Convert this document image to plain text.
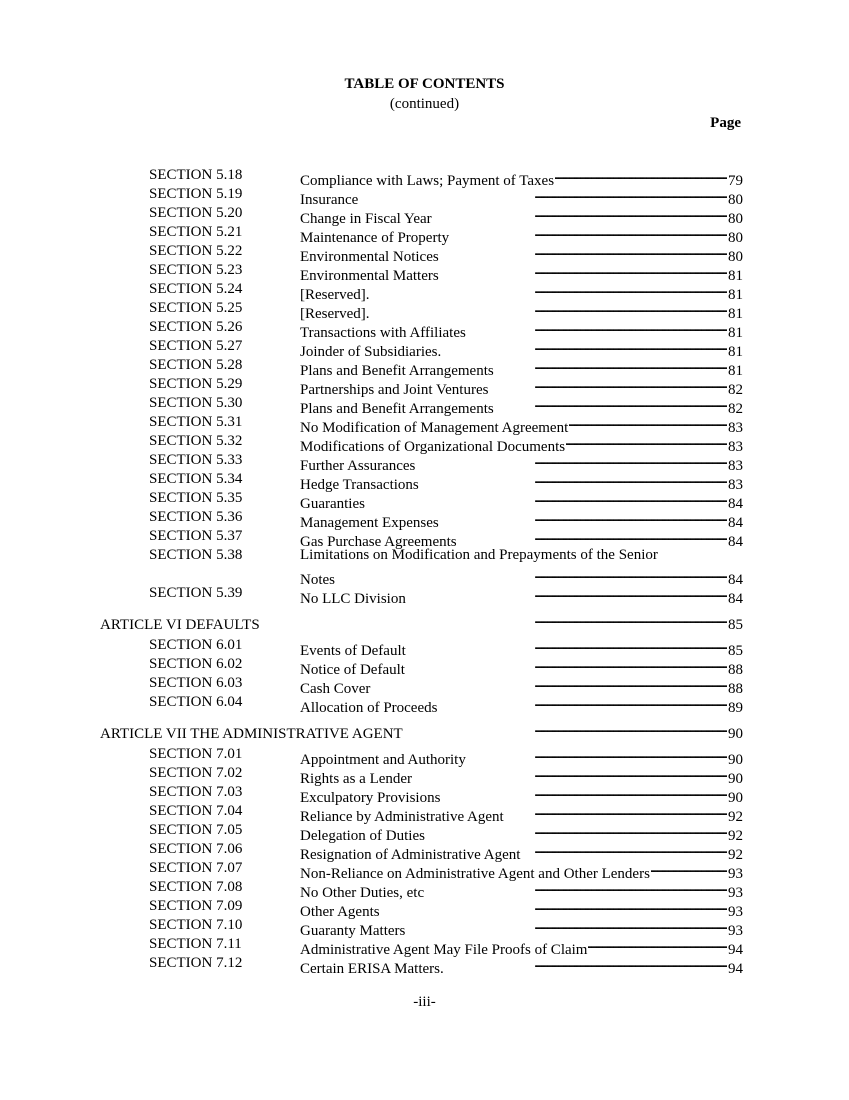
TABLE OF CONTENTS
(continued)
Page
SECTION 5.18	Compliance with Laws; Payment of Taxes . . .	79
SECTION 5.19	Insurance . . .	80
SECTION 5.20	Change in Fiscal Year . . .	80
SECTION 5.21	Maintenance of Property . . .	80
SECTION 5.22	Environmental Notices . . .	80
SECTION 5.23	Environmental Matters . . .	81
SECTION 5.24	[Reserved]. . . .	81
SECTION 5.25	[Reserved]. . . .	81
SECTION 5.26	Transactions with Affiliates . . .	81
SECTION 5.27	Joinder of Subsidiaries. . . .	81
SECTION 5.28	Plans and Benefit Arrangements . . .	81
SECTION 5.29	Partnerships and Joint Ventures . . .	82
SECTION 5.30	Plans and Benefit Arrangements . . .	82
SECTION 5.31	No Modification of Management Agreement . . .	83
SECTION 5.32	Modifications of Organizational Documents . . .	83
SECTION 5.33	Further Assurances . . .	83
SECTION 5.34	Hedge Transactions . . .	83
SECTION 5.35	Guaranties . . .	84
SECTION 5.36	Management Expenses . . .	84
SECTION 5.37	Gas Purchase Agreements . . .	84
SECTION 5.38	Limitations on Modification and Prepayments of the Senior
Notes . . .	84
SECTION 5.39	No LLC Division . . .	84
ARTICLE VI DEFAULTS . . .	85
SECTION 6.01	Events of Default . . .	85
SECTION 6.02	Notice of Default . . .	88
SECTION 6.03	Cash Cover . . .	88
SECTION 6.04	Allocation of Proceeds . . .	89
ARTICLE VII THE ADMINISTRATIVE AGENT . . .	90
SECTION 7.01	Appointment and Authority . . .	90
SECTION 7.02	Rights as a Lender . . .	90
SECTION 7.03	Exculpatory Provisions . . .	90
SECTION 7.04	Reliance by Administrative Agent . . .	92
SECTION 7.05	Delegation of Duties . . .	92
SECTION 7.06	Resignation of Administrative Agent . . .	92
SECTION 7.07	Non-Reliance on Administrative Agent and Other Lenders . . .	93
SECTION 7.08	No Other Duties, etc . . .	93
SECTION 7.09	Other Agents . . .	93
SECTION 7.10	Guaranty Matters . . .	93
SECTION 7.11	Administrative Agent May File Proofs of Claim . . .	94
SECTION 7.12	Certain ERISA Matters. . . .	94
-iii-
